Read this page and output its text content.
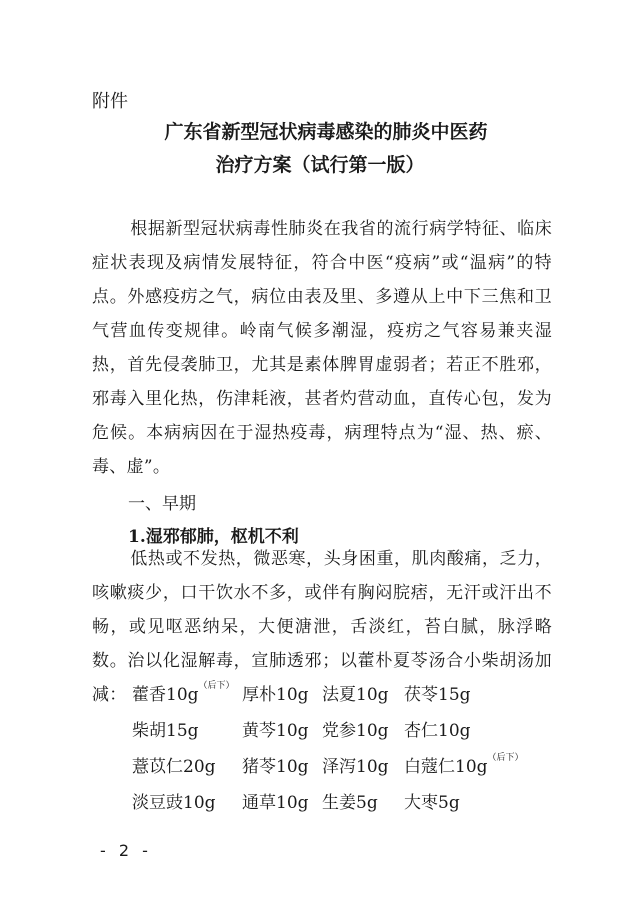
附件
广东省新型冠状病毒感染的肺炎中医药
治疗方案（试行第一版）
根据新型冠状病毒性肺炎在我省的流行病学特征、临床症状表现及病情发展特征，符合中医“疫病”或“温病”的特点。外感疫疠之气，病位由表及里、多遵从上中下三焦和卫气营血传变规律。岭南气候多潮湿，疫疠之气容易兼夹湿热，首先侵袭肺卫，尤其是素体脾胃虚弱者；若正不胜邪，邪毒入里化热，伤津耗液，甚者灼营动血，直传心包，发为危候。本病病因在于湿热疫毒，病理特点为“湿、热、瘀、毒、虚”。
一、早期
1.湿邪郁肺，枢机不利
低热或不发热，微恶寒，头身困重，肌肉酸痛，乏力，咳嗽痰少，口干饮水不多，或伴有胸闷脘痞，无汗或汗出不畅，或见呕恶纳呆，大便溏泄，舌淡红，苔白腻，脉浮略数。治以化湿解毒，宣肺透邪；以藿朴夏苓汤合小柴胡汤加减： 藿香$10g^{(后下)}$ 厚朴10g 法夏10g 茯苓15g
柴胡15g	黄芩10g 党参10g 杏仁10g
薏苡仁20g 猪苓10g 泽泻10g 白蔻仁$10g^{(后下)}$
淡豆豉10g 通草10g 生姜5g 大枣5g
- 2 -
